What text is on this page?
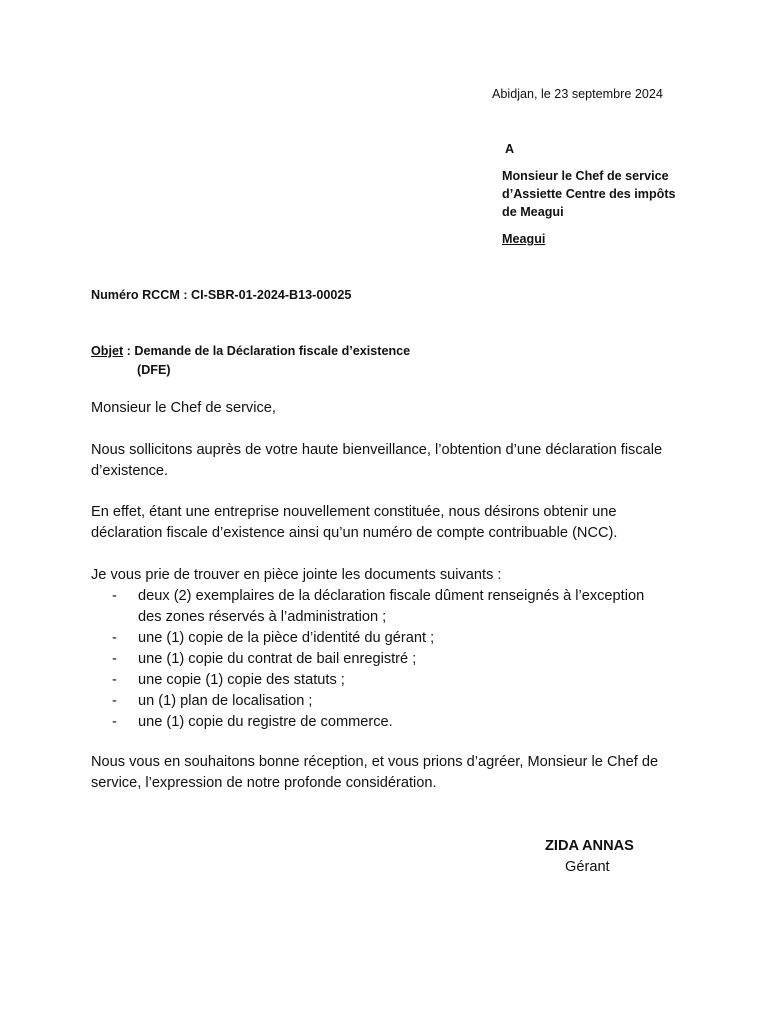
Abidjan, le 23 septembre 2024
A
Monsieur le Chef de service
d’Assiette Centre des impôts
de Meagui
Meagui
Numéro RCCM : CI-SBR-01-2024-B13-00025
Objet : Demande de la Déclaration fiscale d’existence
(DFE)
Monsieur le Chef de service,
Nous sollicitons auprès de votre haute bienveillance, l’obtention d’une déclaration fiscale d’existence.
En effet, étant une entreprise nouvellement constituée, nous désirons obtenir une déclaration fiscale d’existence ainsi qu’un numéro de compte contribuable (NCC).
Je vous prie de trouver en pièce jointe les documents suivants :
- deux (2) exemplaires de la déclaration fiscale dûment renseignés à l’exception des zones réservés à l’administration ;
- une (1) copie de la pièce d’identité du gérant ;
- une (1) copie du contrat de bail enregistré ;
- une copie (1) copie des statuts ;
- un (1) plan de localisation ;
- une (1) copie du registre de commerce.
Nous vous en souhaitons bonne réception, et vous prions d’agréer, Monsieur le Chef de service, l’expression de notre profonde considération.
ZIDA ANNAS
Gérant
